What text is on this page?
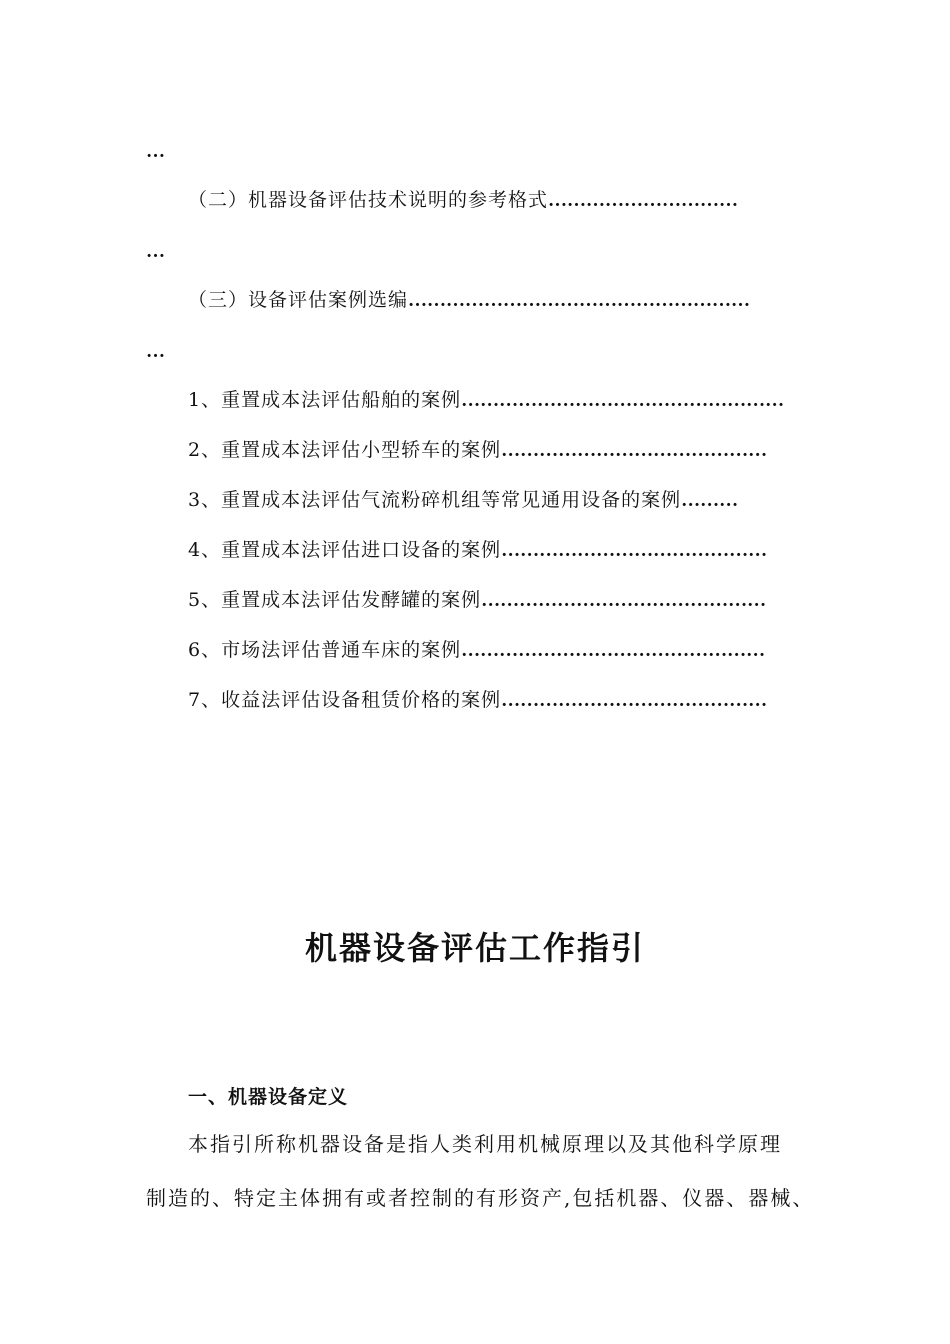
…
（二）机器设备评估技术说明的参考格式…………………………
…
（三）设备评估案例选编………………………………………………
…
1、重置成本法评估船舶的案例……………………………………………
2、重置成本法评估小型轿车的案例……………………………………
3、重置成本法评估气流粉碎机组等常见通用设备的案例………
4、重置成本法评估进口设备的案例……………………………………
5、重置成本法评估发酵罐的案例………………………………………
6、市场法评估普通车床的案例…………………………………………
7、收益法评估设备租赁价格的案例……………………………………
机器设备评估工作指引
一、机器设备定义
本指引所称机器设备是指人类利用机械原理以及其他科学原理
制造的、特定主体拥有或者控制的有形资产,包括机器、仪器、器械、
